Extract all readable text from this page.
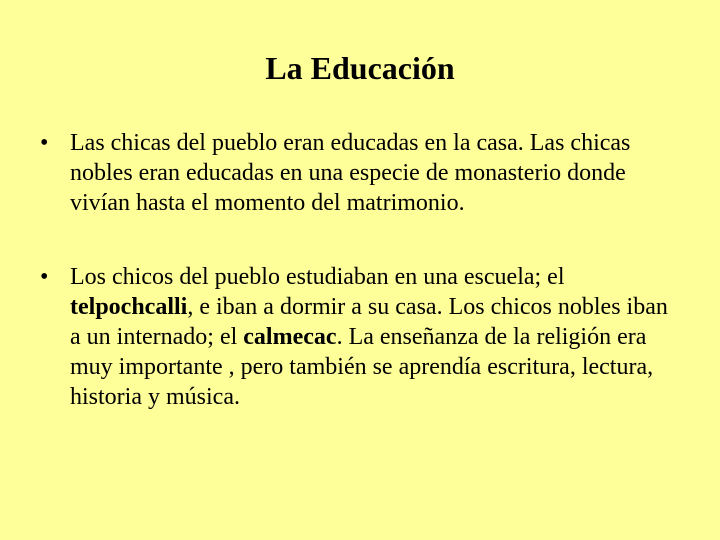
La Educación
• Las chicas del pueblo eran educadas en la casa. Las chicas nobles eran educadas en una especie de monasterio donde vivían hasta el momento del matrimonio.
• Los chicos del pueblo estudiaban en una escuela; el telpochcalli, e iban a dormir a su casa. Los chicos nobles iban a un internado; el calmecac. La enseñanza de la religión era muy importante , pero también se aprendía escritura, lectura, historia y música.
